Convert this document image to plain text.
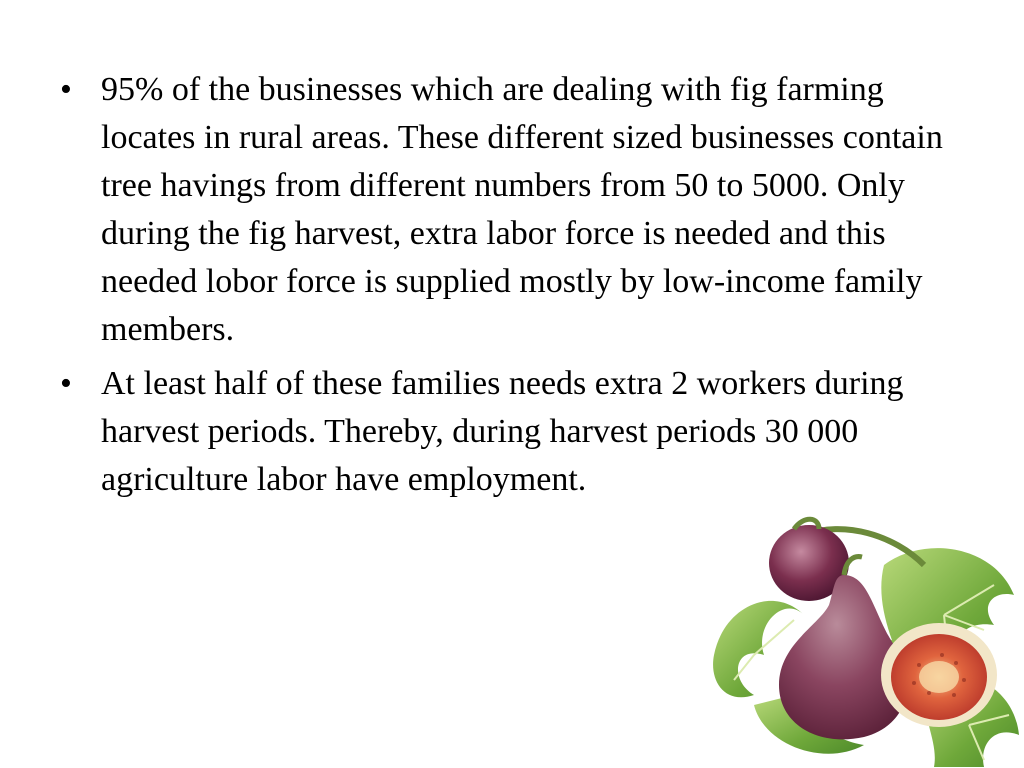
• 95% of the businesses which are dealing with fig farming locates in rural areas. These different sized businesses contain tree havings from different numbers from 50 to 5000. Only during the fig harvest, extra labor force is needed and this needed lobor force is supplied mostly by low-income family members.
• At least half of these families needs extra 2 workers during harvest periods. Thereby, during harvest periods 30 000 agriculture labor have employment.
